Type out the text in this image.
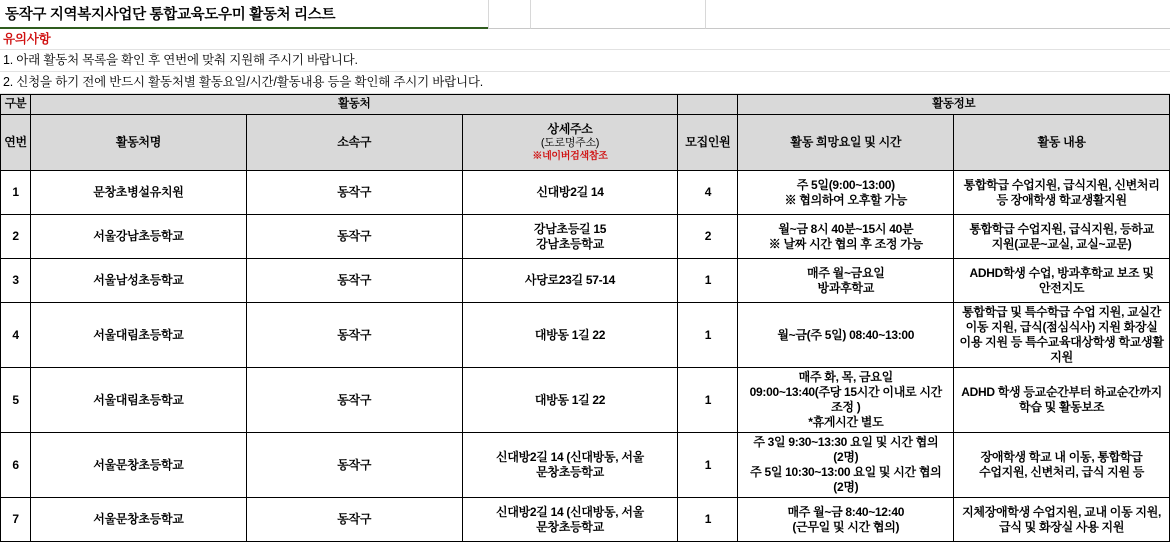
동작구 지역복지사업단 통합교육도우미 활동처 리스트
유의사항
1. 아래 활동처 목록을 확인 후 연번에 맞춰 지원해 주시기 바랍니다.
2. 신청을 하기 전에 반드시 활동처별 활동요일/시간/활동내용 등을 확인해 주시기 바랍니다.
구분	활동처				활동정보	
연번	활동처명	소속구	상세주소
(도로명주소)
※네이버검색참조	모집인원	활동 희망요일 및 시간	활동 내용
1	문창초병설유치원	동작구	신대방2길 14	4	주 5일(9:00~13:00)
※ 협의하여 오후할 가능	통합학급 수업지원, 급식지원, 신변처리 등 장애학생 학교생활지원
2	서울강남초등학교	동작구	강남초등길 15
강남초등학교	2	월~금 8시 40분~15시 40분
※ 날짜 시간 협의 후 조정 가능	통합학급 수업지원, 급식지원, 등하교 지원(교문~교실, 교실~교문)
3	서울남성초등학교	동작구	사당로23길 57-14	1	매주 월~금요일
방과후학교	ADHD학생 수업, 방과후학교 보조 및 안전지도
4	서울대림초등학교	동작구	대방동 1길 22	1	월~금(주 5일) 08:40~13:00	통합학급 및 특수학급 수업 지원, 교실간 이동 지원, 급식(점심식사) 지원 화장실 이용 지원 등 특수교육대상학생 학교생활 지원
5	서울대림초등학교	동작구	대방동 1길 22	1	매주 화, 목, 금요일
09:00~13:40(주당 15시간 이내로 시간 조정 )
*휴게시간 별도	ADHD 학생 등교순간부터 하교순간까지 학습 및 활동보조
6	서울문창초등학교	동작구	신대방2길 14 (신대방동, 서울
문창초등학교	1	주 3일 9:30~13:30 요일 및 시간 협의(2명)
주 5일 10:30~13:00 요일 및 시간 협의(2명)	장애학생 학교 내 이동, 통합학급 수업지원, 신변처리, 급식 지원 등
7	서울문창초등학교	동작구	신대방2길 14 (신대방동, 서울
문창초등학교	1	매주 월~금 8:40~12:40
(근무일 및 시간 협의)	지체장애학생 수업지원, 교내 이동 지원, 급식 및 화장실 사용 지원
